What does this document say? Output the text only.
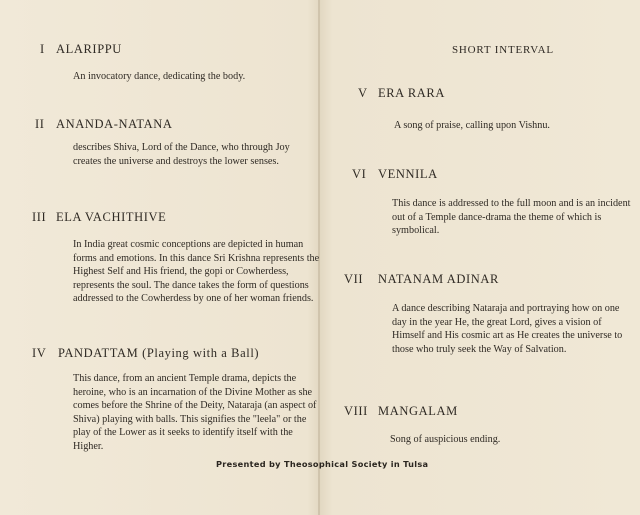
I ALARIPPU
An invocatory dance, dedicating the body.
II ANANDA-NATANA
describes Shiva, Lord of the Dance, who through Joy creates the universe and destroys the lower senses.
III ELA VACHITHIVE
In India great cosmic conceptions are depicted in human forms and emotions. In this dance Sri Krishna represents the Highest Self and His friend, the gopi or Cowherdess, represents the soul. The dance takes the form of questions addressed to the Cowherdess by one of her woman friends.
IV PANDATTAM (Playing with a Ball)
This dance, from an ancient Temple drama, depicts the heroine, who is an incarnation of the Divine Mother as she comes before the Shrine of the Deity, Nataraja (an aspect of Shiva) playing with balls. This signifies the "leela" or the play of the Lower as it seeks to identify itself with the Higher.
SHORT INTERVAL
V ERA RARA
A song of praise, calling upon Vishnu.
VI VENNILA
This dance is addressed to the full moon and is an incident out of a Temple dance-drama the theme of which is symbolical.
VII NATANAM ADINAR
A dance describing Nataraja and portraying how on one day in the year He, the great Lord, gives a vision of Himself and His cosmic art as He creates the universe to those who truly seek the Way of Salvation.
VIII MANGALAM
Song of auspicious ending.
Presented by Theosophical Society in Tulsa
